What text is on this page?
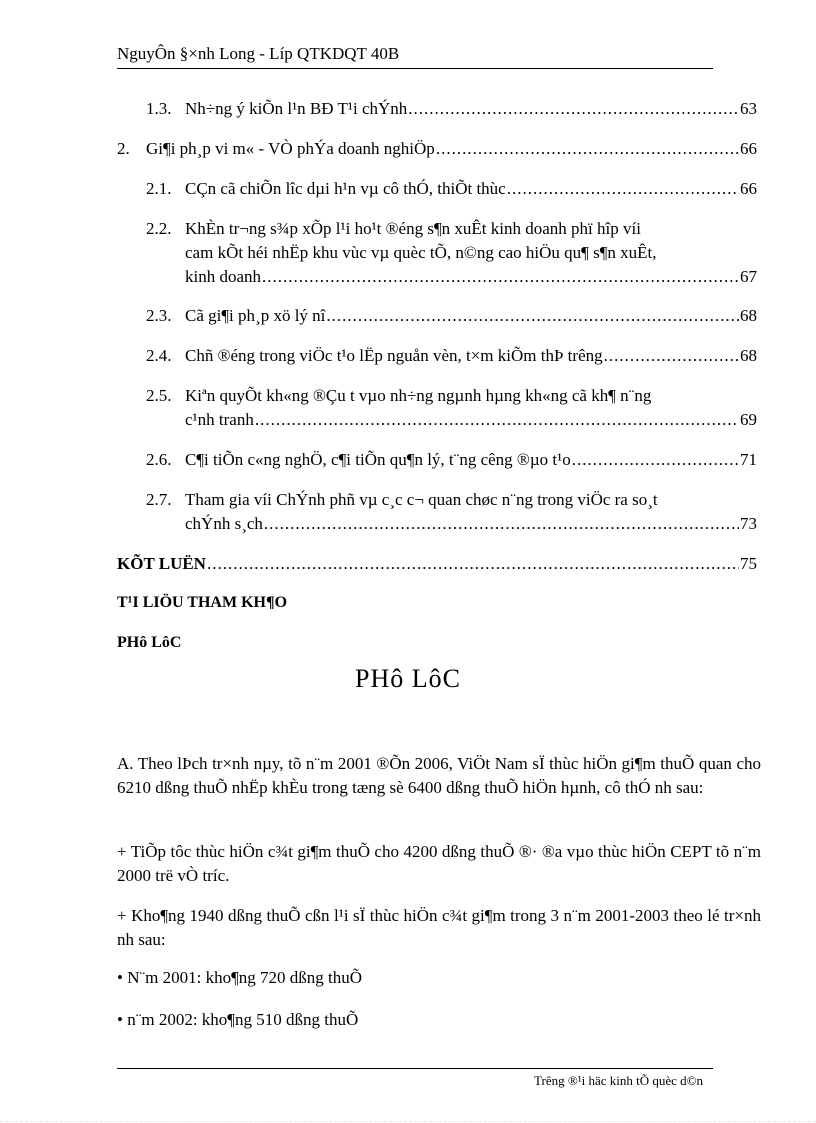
NguyÔn §×nh Long - Líp QTKDQT 40B
1.3. Nh÷ng ý kiÕn l¹n BÐ T¹i chÝnh .....	63
2. Gi¶i ph¸p vi m« - VÒ phÝa doanh nghiÖp .....	66
2.1. CÇn cã chiÕn lîc dµi h¹n vµ cô thÓ, thiÕt thùc .....	66
2.2. KhÈn tr¬ng s¾p xÕp l¹i ho¹t ®éng s¶n xuÊt kinh doanh phï hîp víi
cam kÕt héi nhËp khu vùc vµ quèc tÕ, n©ng cao hiÖu qu¶ s¶n xuÊt,
kinh doanh .....	67
2.3. Cã gi¶i ph¸p xö lý nî .....	68
2.4. Chñ ®éng trong viÖc t¹o lËp nguån vèn, t×m kiÕm thÞ trêng .....	68
2.5. Kiªn quyÕt kh«ng ®Çu t vµo nh÷ng ngµnh hµng kh«ng cã kh¶ n¨ng
c¹nh tranh .....	69
2.6. C¶i tiÕn c«ng nghÖ, c¶i tiÕn qu¶n lý, t¨ng cêng ®µo t¹o .....	71
2.7. Tham gia víi ChÝnh phñ vµ c¸c c¬ quan chøc n¨ng trong viÖc ra so¸t
chÝnh s¸ch .....	73
KÕT LUËN .....	75
T¹I LIÖU THAM KH¶O
PHô LôC
PHô LôC
A. Theo lÞch tr×nh nµy, tõ n¨m 2001 ®Õn 2006, ViÖt Nam sÏ thùc hiÖn gi¶m thuÕ quan cho 6210 dßng thuÕ nhËp khÈu trong tæng sè 6400 dßng thuÕ hiÖn hµnh, cô thÓ nh sau:
+ TiÕp tôc thùc hiÖn c¾t gi¶m thuÕ cho 4200 dßng thuÕ ®· ®a vµo thùc hiÖn CEPT tõ n¨m 2000 trë vÒ tríc.
+ Kho¶ng 1940 dßng thuÕ cßn l¹i sÏ thùc hiÖn c¾t gi¶m trong 3 n¨m 2001-2003 theo lé tr×nh nh sau:
• N¨m 2001: kho¶ng 720 dßng thuÕ
• n¨m 2002: kho¶ng 510 dßng thuÕ
Trêng ®¹i häc kinh tÕ quèc d©n
